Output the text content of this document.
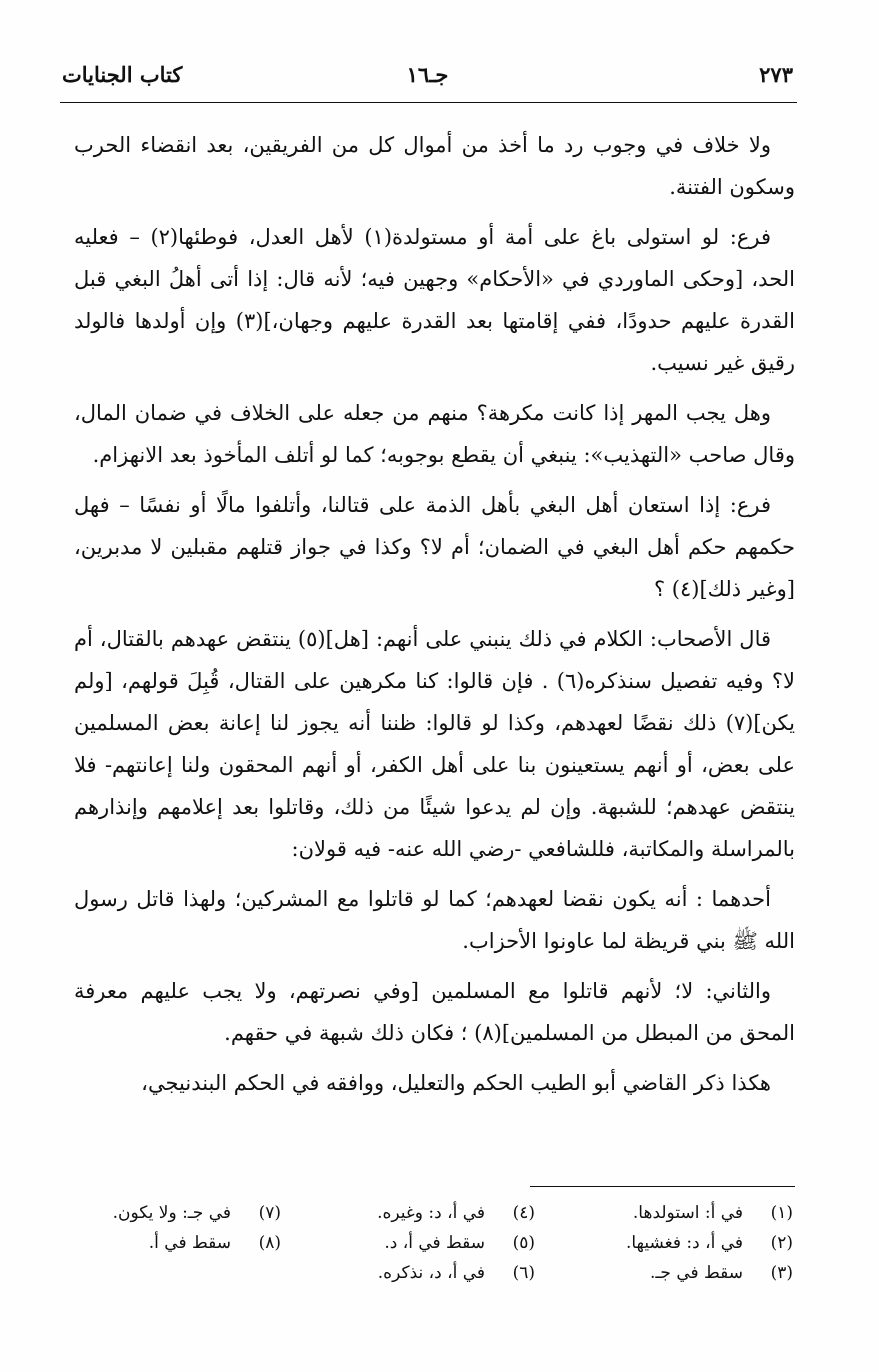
٢٧٣
جـ١٦
كتاب الجنايات

ولا خلاف في وجوب رد ما أخذ من أموال كل من الفريقين، بعد انقضاء الحرب وسكون الفتنة.

فرع: لو استولى باغ على أمة أو مستولدة(١) لأهل العدل، فوطئها(٢) – فعليه الحد، [وحكى الماوردي في «الأحكام» وجهين فيه؛ لأنه قال: إذا أتى أهلُ البغي قبل القدرة عليهم حدودًا، ففي إقامتها بعد القدرة عليهم وجهان،](٣) وإن أولدها فالولد رقيق غير نسيب.

وهل يجب المهر إذا كانت مكرهة؟ منهم من جعله على الخلاف في ضمان المال، وقال صاحب «التهذيب»: ينبغي أن يقطع بوجوبه؛ كما لو أتلف المأخوذ بعد الانهزام.

فرع: إذا استعان أهل البغي بأهل الذمة على قتالنا، وأتلفوا مالًا أو نفسًا – فهل حكمهم حكم أهل البغي في الضمان؛ أم لا؟ وكذا في جواز قتلهم مقبلين لا مدبرين، [وغير ذلك](٤) ؟

قال الأصحاب: الكلام في ذلك ينبني على أنهم: [هل](٥) ينتقض عهدهم بالقتال، أم لا؟ وفيه تفصيل سنذكره(٦) . فإن قالوا: كنا مكرهين على القتال، قُبِلَ قولهم، [ولم يكن](٧) ذلك نقضًا لعهدهم، وكذا لو قالوا: ظننا أنه يجوز لنا إعانة بعض المسلمين على بعض، أو أنهم يستعينون بنا على أهل الكفر، أو أنهم المحقون ولنا إعانتهم- فلا ينتقض عهدهم؛ للشبهة. وإن لم يدعوا شيئًا من ذلك، وقاتلوا بعد إعلامهم وإنذارهم بالمراسلة والمكاتبة، فللشافعي -رضي الله عنه- فيه قولان:

أحدهما : أنه يكون نقضا لعهدهم؛ كما لو قاتلوا مع المشركين؛ ولهذا قاتل رسول الله ﷺ بني قريظة لما عاونوا الأحزاب.

والثاني: لا؛ لأنهم قاتلوا مع المسلمين [وفي نصرتهم، ولا يجب عليهم معرفة المحق من المبطل من المسلمين](٨) ؛ فكان ذلك شبهة في حقهم.

هكذا ذكر القاضي أبو الطيب الحكم والتعليل، ووافقه في الحكم البندنيجي،

(١)في أ: استولدها.
(٢)في أ، د: فغشيها.
(٣)سقط في جـ.
(٤)في أ، د: وغيره.
(٥)سقط في أ، د.
(٦)في أ، د، نذكره.
(٧)في جـ: ولا يكون.
(٨)سقط في أ.
